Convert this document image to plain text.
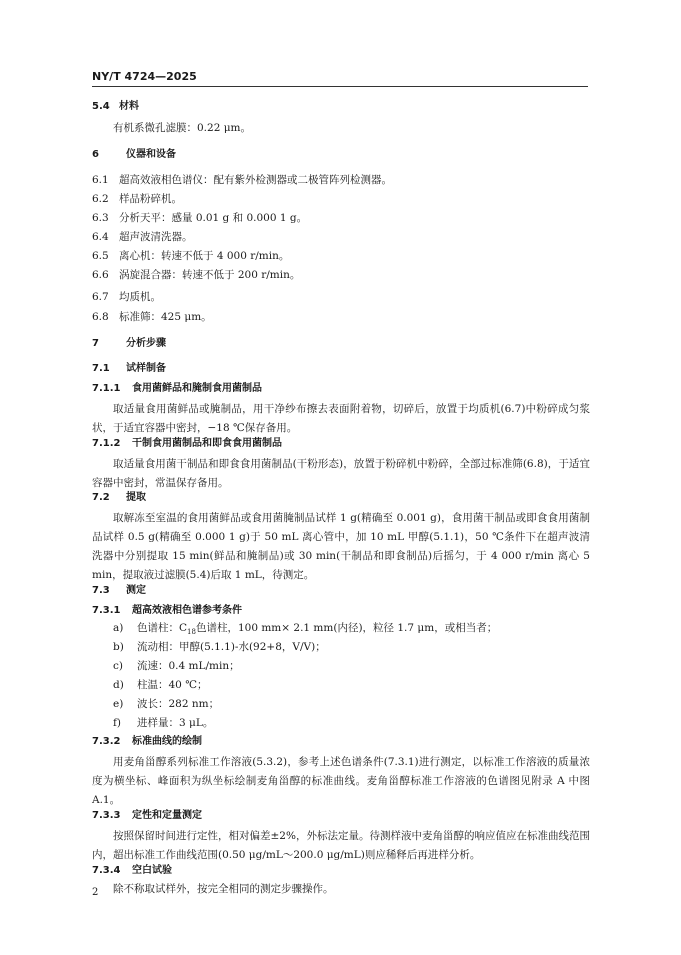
NY/T 4724—2025
5.4 材料
有机系微孔滤膜：0.22 μm。
6	仪器和设备
6.1 超高效液相色谱仪：配有紫外检测器或二极管阵列检测器。
6.2 样品粉碎机。
6.3 分析天平：感量 0.01 g 和 0.000 1 g。
6.4 超声波清洗器。
6.5 离心机：转速不低于 4 000 r/min。
6.6 涡旋混合器：转速不低于 200 r/min。
6.7 均质机。
6.8 标准筛：425 μm。
7	分析步骤
7.1 试样制备
7.1.1 食用菌鲜品和腌制食用菌制品
取适量食用菌鲜品或腌制品，用干净纱布擦去表面附着物，切碎后，放置于均质机(6.7)中粉碎成匀浆状，于适宜容器中密封，−18 ℃保存备用。
7.1.2 干制食用菌制品和即食食用菌制品
取适量食用菌干制品和即食食用菌制品(干粉形态)，放置于粉碎机中粉碎，全部过标准筛(6.8)，于适宜容器中密封，常温保存备用。
7.2 提取
取解冻至室温的食用菌鲜品或食用菌腌制品试样 1 g(精确至 0.001 g)，食用菌干制品或即食食用菌制品试样 0.5 g(精确至 0.000 1 g)于 50 mL 离心管中，加 10 mL 甲醇(5.1.1)，50 ℃条件下在超声波清洗器中分别提取 15 min(鲜品和腌制品)或 30 min(干制品和即食制品)后摇匀，于 4 000 r/min 离心 5 min，提取液过滤膜(5.4)后取 1 mL，待测定。
7.3 测定
7.3.1 超高效液相色谱参考条件
a) 色谱柱：$C_{18}$色谱柱，100 mm× 2.1 mm(内径)，粒径 1.7 μm，或相当者；
b) 流动相：甲醇(5.1.1)-水(92+8，V/V)；
c) 流速：0.4 mL/min；
d) 柱温：40 ℃；
e) 波长：282 nm；
f) 进样量：3 μL。
7.3.2 标准曲线的绘制
用麦角甾醇系列标准工作溶液(5.3.2)，参考上述色谱条件(7.3.1)进行测定，以标准工作溶液的质量浓度为横坐标、峰面积为纵坐标绘制麦角甾醇的标准曲线。麦角甾醇标准工作溶液的色谱图见附录 A 中图 A.1。
7.3.3 定性和定量测定
按照保留时间进行定性，相对偏差±2%，外标法定量。待测样液中麦角甾醇的响应值应在标准曲线范围内，超出标准工作曲线范围(0.50 μg/mL～200.0 μg/mL)则应稀释后再进样分析。
7.3.4 空白试验
除不称取试样外，按完全相同的测定步骤操作。
2
